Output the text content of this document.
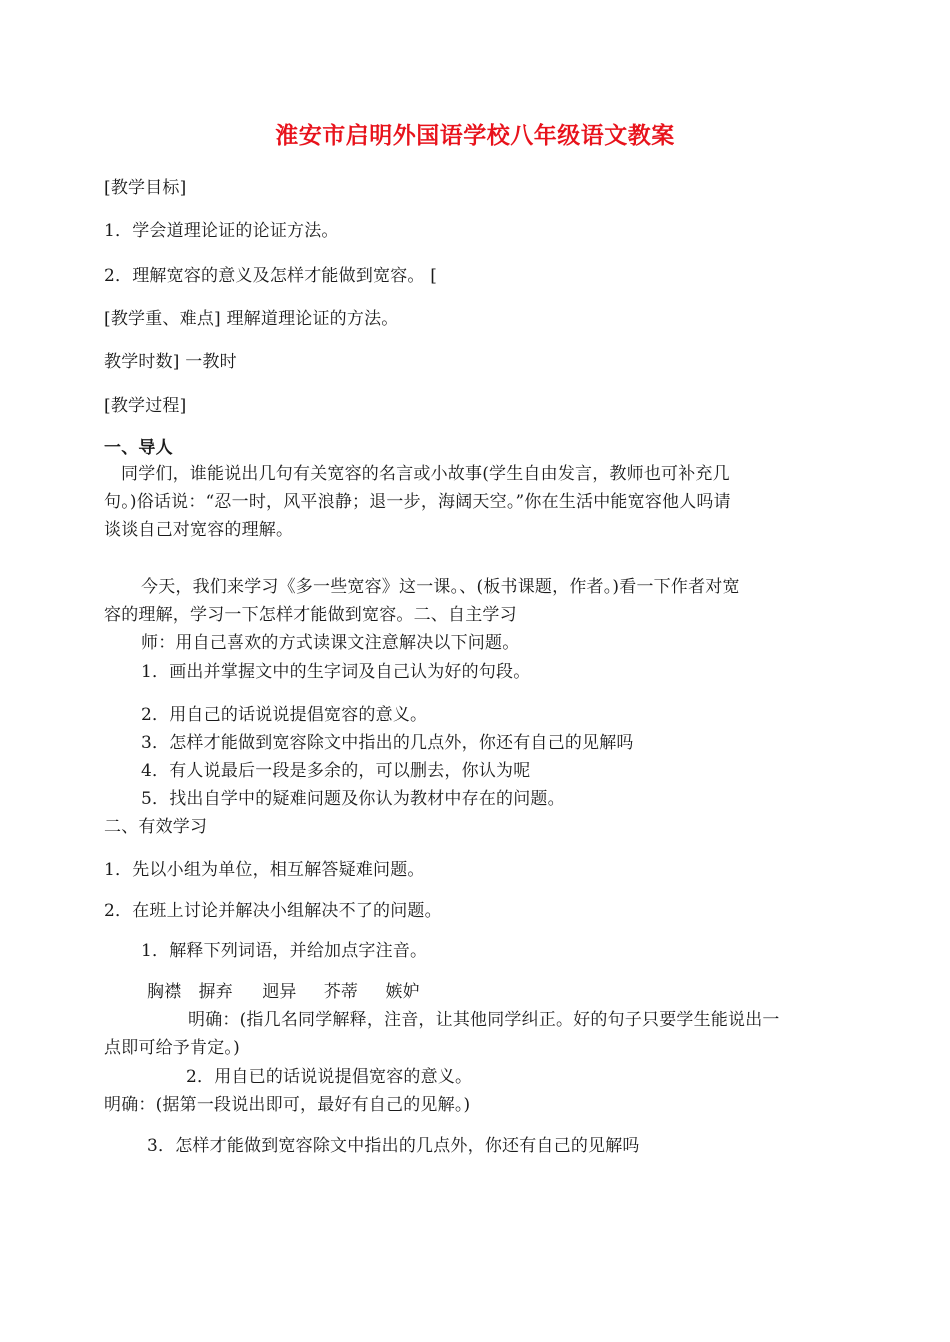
淮安市启明外国语学校八年级语文教案
[教学目标]
1．学会道理论证的论证方法。
2．理解宽容的意义及怎样才能做到宽容。 [
[教学重、难点] 理解道理论证的方法。
教学时数] 一教时
[教学过程]
一、导人
同学们，谁能说出几句有关宽容的名言或小故事(学生自由发言，教师也可补充几
句。)俗话说：“忍一时，风平浪静；退一步，海阔天空。”你在生活中能宽容他人吗请
谈谈自己对宽容的理解。
今天，我们来学习《多一些宽容》这一课。、(板书课题，作者。)看一下作者对宽
容的理解，学习一下怎样才能做到宽容。二、自主学习
师：用自己喜欢的方式读课文注意解决以下问题。
1．画出并掌握文中的生字词及自己认为好的句段。
2．用自己的话说说提倡宽容的意义。
3．怎样才能做到宽容除文中指出的几点外，你还有自己的见解吗
4．有人说最后一段是多余的，可以删去，你认为呢
5．找出自学中的疑难问题及你认为教材中存在的问题。
二、有效学习
1．先以小组为单位，相互解答疑难问题。
2．在班上讨论并解决小组解决不了的问题。
1．解释下列词语，并给加点字注音。
胸襟 摒弃 迥异 芥蒂 嫉妒
明确：(指几名同学解释，注音，让其他同学纠正。好的句子只要学生能说出一
点即可给予肯定。)
2．用自已的话说说提倡宽容的意义。
明确：(据第一段说出即可，最好有自己的见解。)
3．怎样才能做到宽容除文中指出的几点外，你还有自己的见解吗
